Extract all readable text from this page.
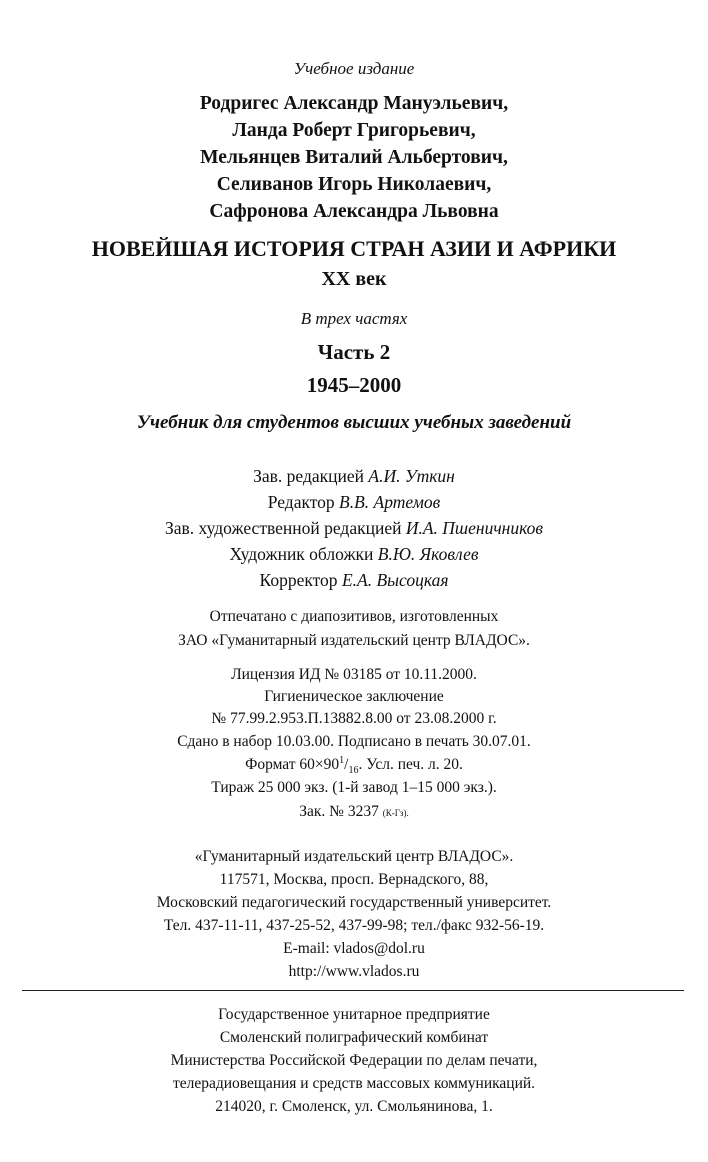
Учебное издание
Родригес Александр Мануэльевич,
Ланда Роберт Григорьевич,
Мельянцев Виталий Альбертович,
Селиванов Игорь Николаевич,
Сафронова Александра Львовна
НОВЕЙШАЯ ИСТОРИЯ СТРАН АЗИИ И АФРИКИ
XX век
В трех частях
Часть 2
1945–2000
Учебник для студентов высших учебных заведений
Зав. редакцией А.И. Уткин
Редактор В.В. Артемов
Зав. художественной редакцией И.А. Пшеничников
Художник обложки В.Ю. Яковлев
Корректор Е.А. Высоцкая
Отпечатано с диапозитивов, изготовленных
ЗАО «Гуманитарный издательский центр ВЛАДОС».
Лицензия ИД № 03185 от 10.11.2000.
Гигиеническое заключение
№ 77.99.2.953.П.13882.8.00 от 23.08.2000 г.
Сдано в набор 10.03.00. Подписано в печать 30.07.01.
Формат $60\times 90^1/_{16}$. Усл. печ. л. 20.
Тираж 25 000 экз. (1-й завод 1–15 000 экз.).
Зак. № 3237 (К-Гз).
«Гуманитарный издательский центр ВЛАДОС».
117571, Москва, просп. Вернадского, 88,
Московский педагогический государственный университет.
Тел. 437-11-11, 437-25-52, 437-99-98; тел./факс 932-56-19.
E-mail: vlados@dol.ru
http://www.vlados.ru
Государственное унитарное предприятие
Смоленский полиграфический комбинат
Министерства Российской Федерации по делам печати,
телерадиовещания и средств массовых коммуникаций.
214020, г. Смоленск, ул. Смольянинова, 1.
